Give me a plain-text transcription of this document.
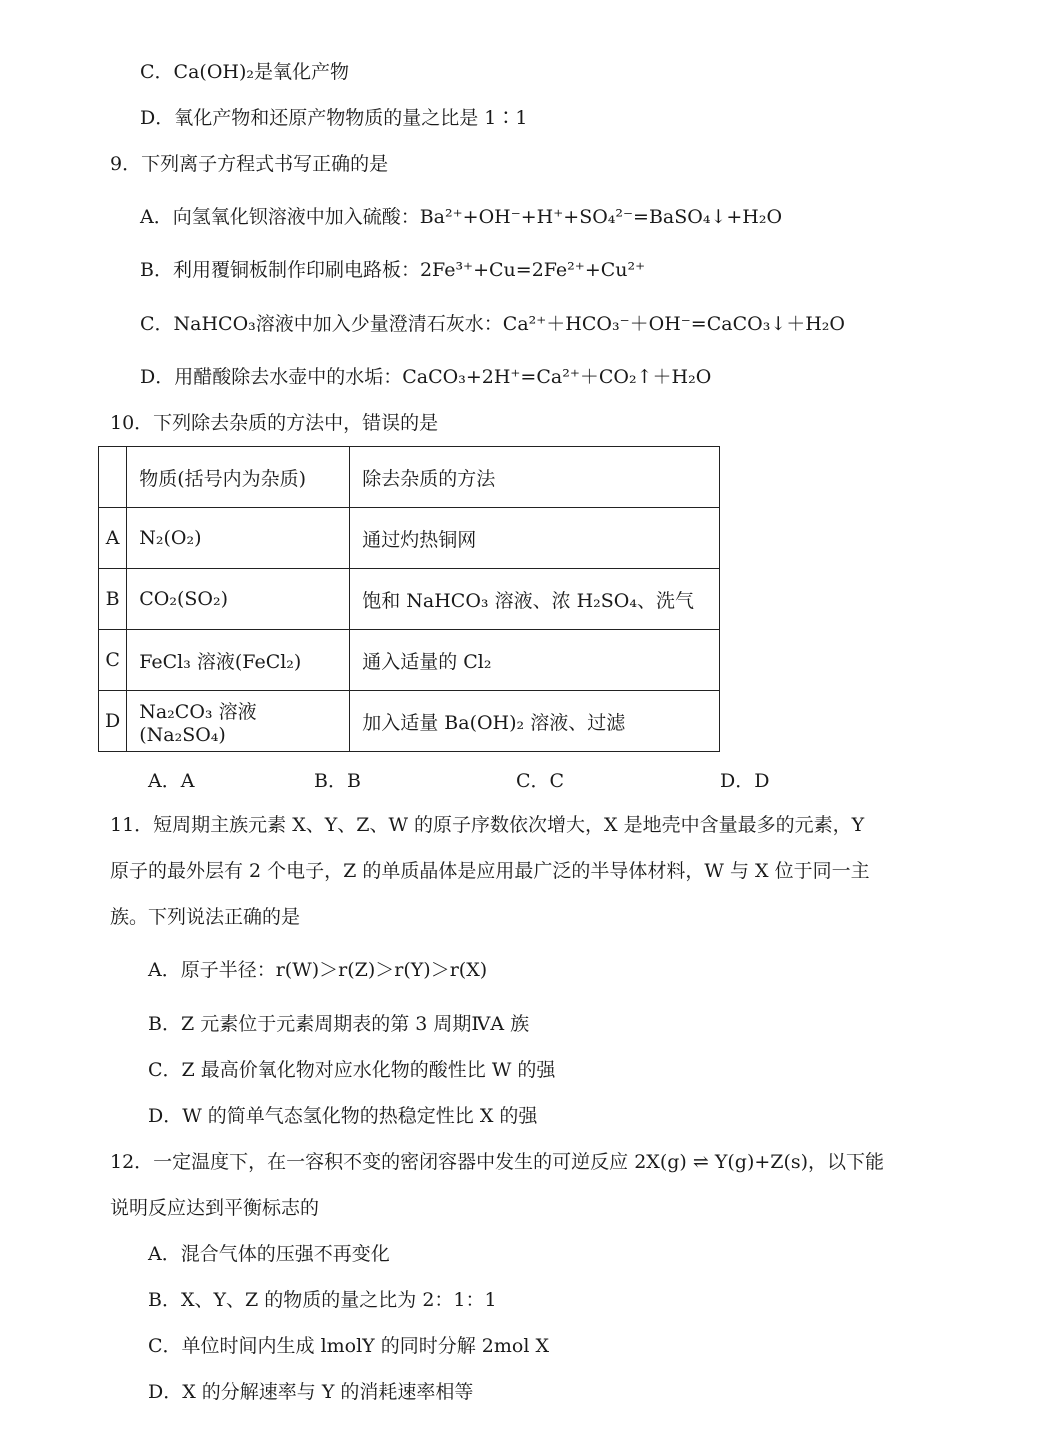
C．Ca(OH)₂是氧化产物
D．氧化产物和还原产物物质的量之比是 1∶1
9．下列离子方程式书写正确的是
A．向氢氧化钡溶液中加入硫酸：Ba²⁺+OH⁻+H⁺+SO₄²⁻=BaSO₄↓+H₂O
B．利用覆铜板制作印刷电路板：2Fe³⁺+Cu=2Fe²⁺+Cu²⁺
C．NaHCO₃溶液中加入少量澄清石灰水：Ca²⁺＋HCO₃⁻＋OH⁻=CaCO₃↓＋H₂O
D．用醋酸除去水壶中的水垢：CaCO₃+2H⁺=Ca²⁺＋CO₂↑＋H₂O
10．下列除去杂质的方法中，错误的是
	物质(括号内为杂质)	除去杂质的方法
A	N₂(O₂)	通过灼热铜网
B	CO₂(SO₂)	饱和 NaHCO₃ 溶液、浓 H₂SO₄、洗气
C	FeCl₃ 溶液(FeCl₂)	通入适量的 Cl₂
D	Na₂CO₃ 溶液(Na₂SO₄)	加入适量 Ba(OH)₂ 溶液、过滤
A．A	B．B	C．C	D．D
11．短周期主族元素 X、Y、Z、W 的原子序数依次增大，X 是地壳中含量最多的元素，Y
原子的最外层有 2 个电子，Z 的单质晶体是应用最广泛的半导体材料，W 与 X 位于同一主
族。下列说法正确的是
A．原子半径：r(W)＞r(Z)＞r(Y)＞r(X)
B．Z 元素位于元素周期表的第 3 周期ⅣA 族
C．Z 最高价氧化物对应水化物的酸性比 W 的强
D．W 的简单气态氢化物的热稳定性比 X 的强
12．一定温度下，在一容积不变的密闭容器中发生的可逆反应 2X(g) ⇌ Y(g)+Z(s)，以下能
说明反应达到平衡标志的
A．混合气体的压强不再变化
B．X、Y、Z 的物质的量之比为 2：1：1
C．单位时间内生成 lmolY 的同时分解 2mol X
D．X 的分解速率与 Y 的消耗速率相等
